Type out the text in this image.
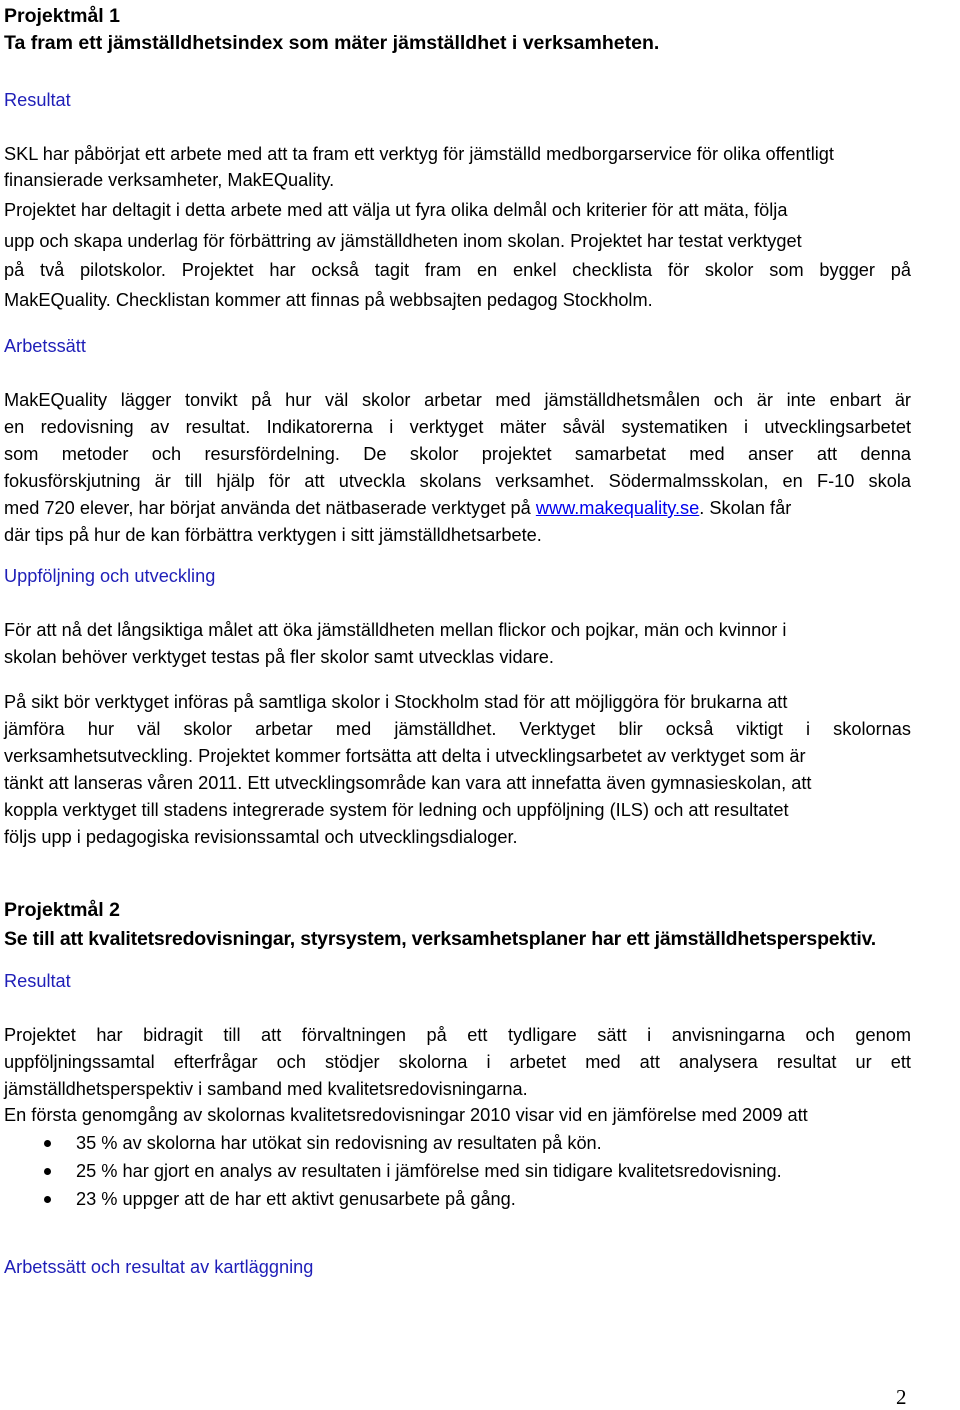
Projektmål 1
Ta fram ett jämställdhetsindex som mäter jämställdhet i verksamheten.
Resultat
SKL har påbörjat ett arbete med att ta fram ett verktyg för jämställd medborgarservice för olika offentligt
finansierade verksamheter, MakEQuality.
Projektet har deltagit i detta arbete med att välja ut fyra olika delmål och kriterier för att mäta, följa
upp och skapa underlag för förbättring av jämställdheten inom skolan. Projektet har testat verktyget
på två pilotskolor. Projektet har också tagit fram en enkel checklista för skolor som bygger på
MakEQuality. Checklistan kommer att finnas på webbsajten pedagog Stockholm.
Arbetssätt
MakEQuality lägger tonvikt på hur väl skolor arbetar med jämställdhetsmålen och är inte enbart är
en redovisning av resultat. Indikatorerna i verktyget mäter såväl systematiken i utvecklingsarbetet
som metoder och resursfördelning. De skolor projektet samarbetat med anser att denna
fokusförskjutning är till hjälp för att utveckla skolans verksamhet. Södermalmsskolan, en F-10 skola
med 720 elever, har börjat använda det nätbaserade verktyget på www.makequality.se. Skolan får
där tips på hur de kan förbättra verktygen i sitt jämställdhetsarbete.
Uppföljning och utveckling
För att nå det långsiktiga målet att öka jämställdheten mellan flickor och pojkar, män och kvinnor i
skolan behöver verktyget testas på fler skolor samt utvecklas vidare.
På sikt bör verktyget införas på samtliga skolor i Stockholm stad för att möjliggöra för brukarna att
jämföra hur väl skolor arbetar med jämställdhet. Verktyget blir också viktigt i skolornas
verksamhetsutveckling. Projektet kommer fortsätta att delta i utvecklingsarbetet av verktyget som är
tänkt att lanseras våren 2011. Ett utvecklingsområde kan vara att innefatta även gymnasieskolan, att
koppla verktyget till stadens integrerade system för ledning och uppföljning (ILS) och att resultatet
följs upp i pedagogiska revisionssamtal och utvecklingsdialoger.
Projektmål 2
Se till att kvalitetsredovisningar, styrsystem, verksamhetsplaner har ett jämställdhetsperspektiv.
Resultat
Projektet har bidragit till att förvaltningen på ett tydligare sätt i anvisningarna och genom
uppföljningssamtal efterfrågar och stödjer skolorna i arbetet med att analysera resultat ur ett
jämställdhetsperspektiv i samband med kvalitetsredovisningarna.
En första genomgång av skolornas kvalitetsredovisningar 2010 visar vid en jämförelse med 2009 att
35 % av skolorna har utökat sin redovisning av resultaten på kön.
25 % har gjort en analys av resultaten i jämförelse med sin tidigare kvalitetsredovisning.
23 % uppger att de har ett aktivt genusarbete på gång.
Arbetssätt och resultat av kartläggning
2
